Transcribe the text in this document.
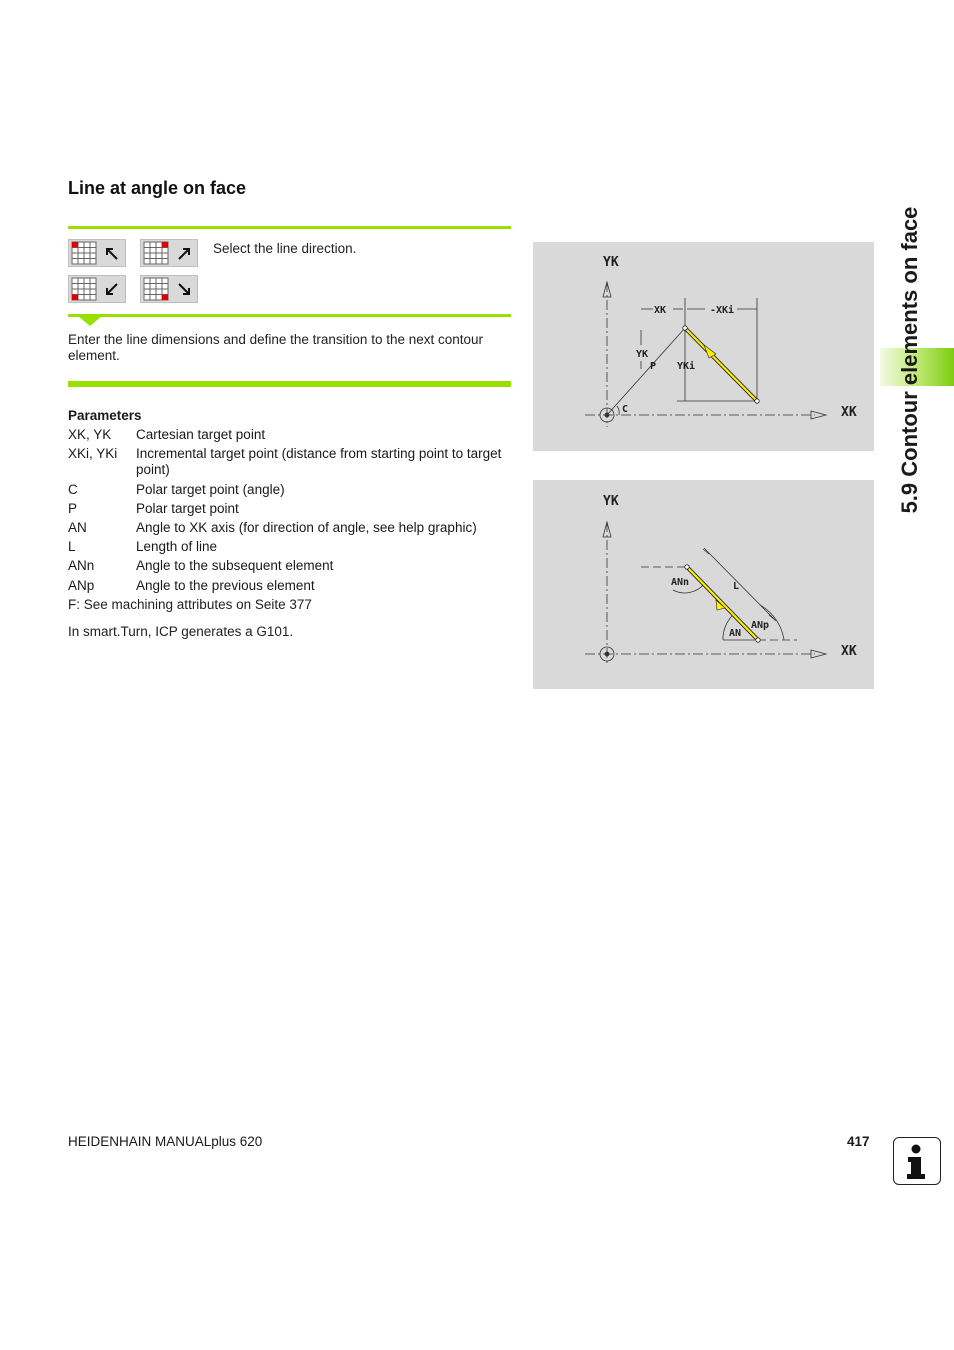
Line at angle on face
Select the line direction.
Enter the line dimensions and define the transition to the next contour element.
Parameters
XK, YK	Cartesian target point
XKi, YKi	Incremental target point (distance from starting point to target point)
C	Polar target point (angle)
P	Polar target point
AN	Angle to XK axis (for direction of angle, see help graphic)
L	Length of line
ANn	Angle to the subsequent element
ANp	Angle to the previous element
F: See machining attributes on Seite 377
In smart.Turn, ICP generates a G101.
YK
XK
XK	-XKi
YK
P YKi
C
YK
XK
ANn	L
ANp
AN
5.9 Contour elements on face
HEIDENHAIN MANUALplus 620	417
